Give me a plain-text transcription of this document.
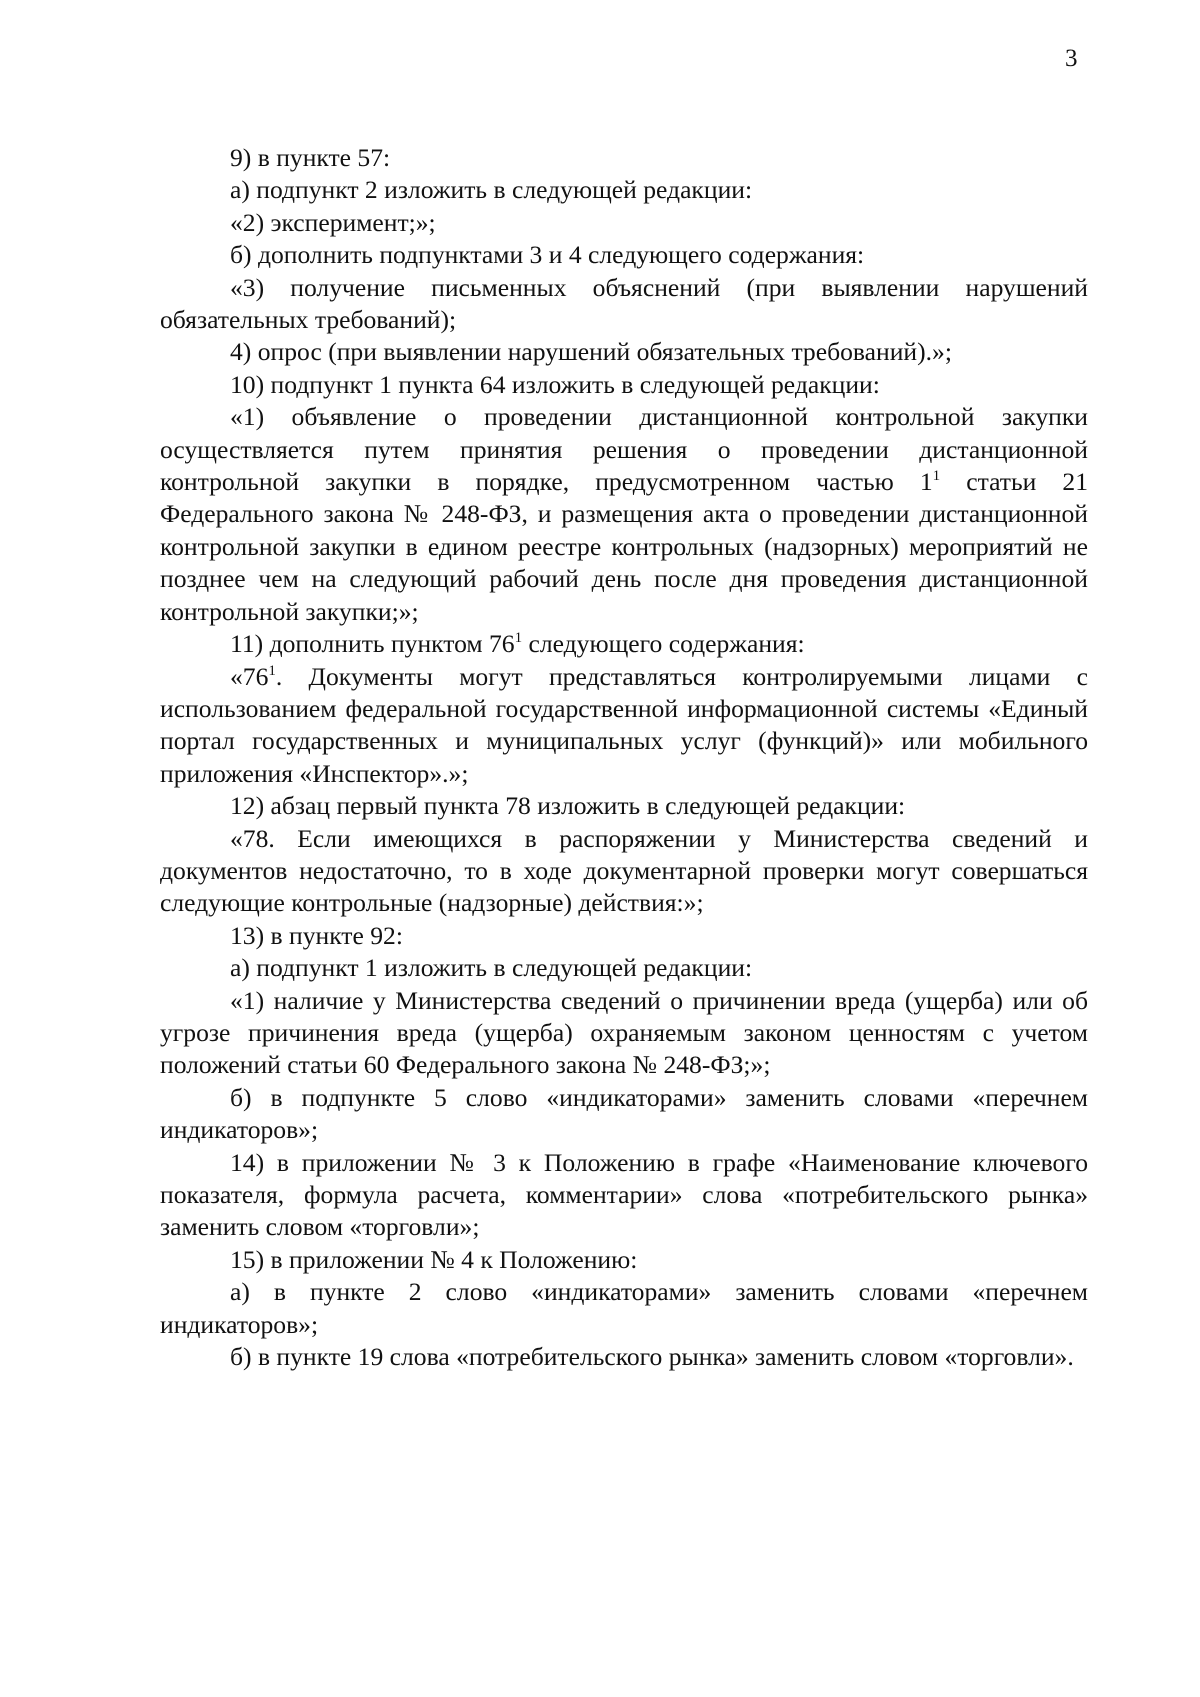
3

9) в пункте 57:

а) подпункт 2 изложить в следующей редакции:

«2) эксперимент;»;

б) дополнить подпунктами 3 и 4 следующего содержания:

«3) получение письменных объяснений (при выявлении нарушений обязательных требований);

4) опрос (при выявлении нарушений обязательных требований).»;

10) подпункт 1 пункта 64 изложить в следующей редакции:

«1) объявление о проведении дистанционной контрольной закупки осуществляется путем принятия решения о проведении дистанционной контрольной закупки в порядке, предусмотренном частью $1^1$ статьи 21 Федерального закона № 248-ФЗ, и размещения акта о проведении дистанционной контрольной закупки в едином реестре контрольных (надзорных) мероприятий не позднее чем на следующий рабочий день после дня проведения дистанционной контрольной закупки;»;

11) дополнить пунктом $76^1$ следующего содержания:

«$76^1$. Документы могут представляться контролируемыми лицами с использованием федеральной государственной информационной системы «Единый портал государственных и муниципальных услуг (функций)» или мобильного приложения «Инспектор».»;

12) абзац первый пункта 78 изложить в следующей редакции:

«78. Если имеющихся в распоряжении у Министерства сведений и документов недостаточно, то в ходе документарной проверки могут совершаться следующие контрольные (надзорные) действия:»;

13) в пункте 92:

а) подпункт 1 изложить в следующей редакции:

«1) наличие у Министерства сведений о причинении вреда (ущерба) или об угрозе причинения вреда (ущерба) охраняемым законом ценностям с учетом положений статьи 60 Федерального закона № 248-ФЗ;»;

б) в подпункте 5 слово «индикаторами» заменить словами «перечнем индикаторов»;

14) в приложении № 3 к Положению в графе «Наименование ключевого показателя, формула расчета, комментарии» слова «потребительского рынка» заменить словом «торговли»;

15) в приложении № 4 к Положению:

а) в пункте 2 слово «индикаторами» заменить словами «перечнем индикаторов»;

б) в пункте 19 слова «потребительского рынка» заменить словом «торговли».
